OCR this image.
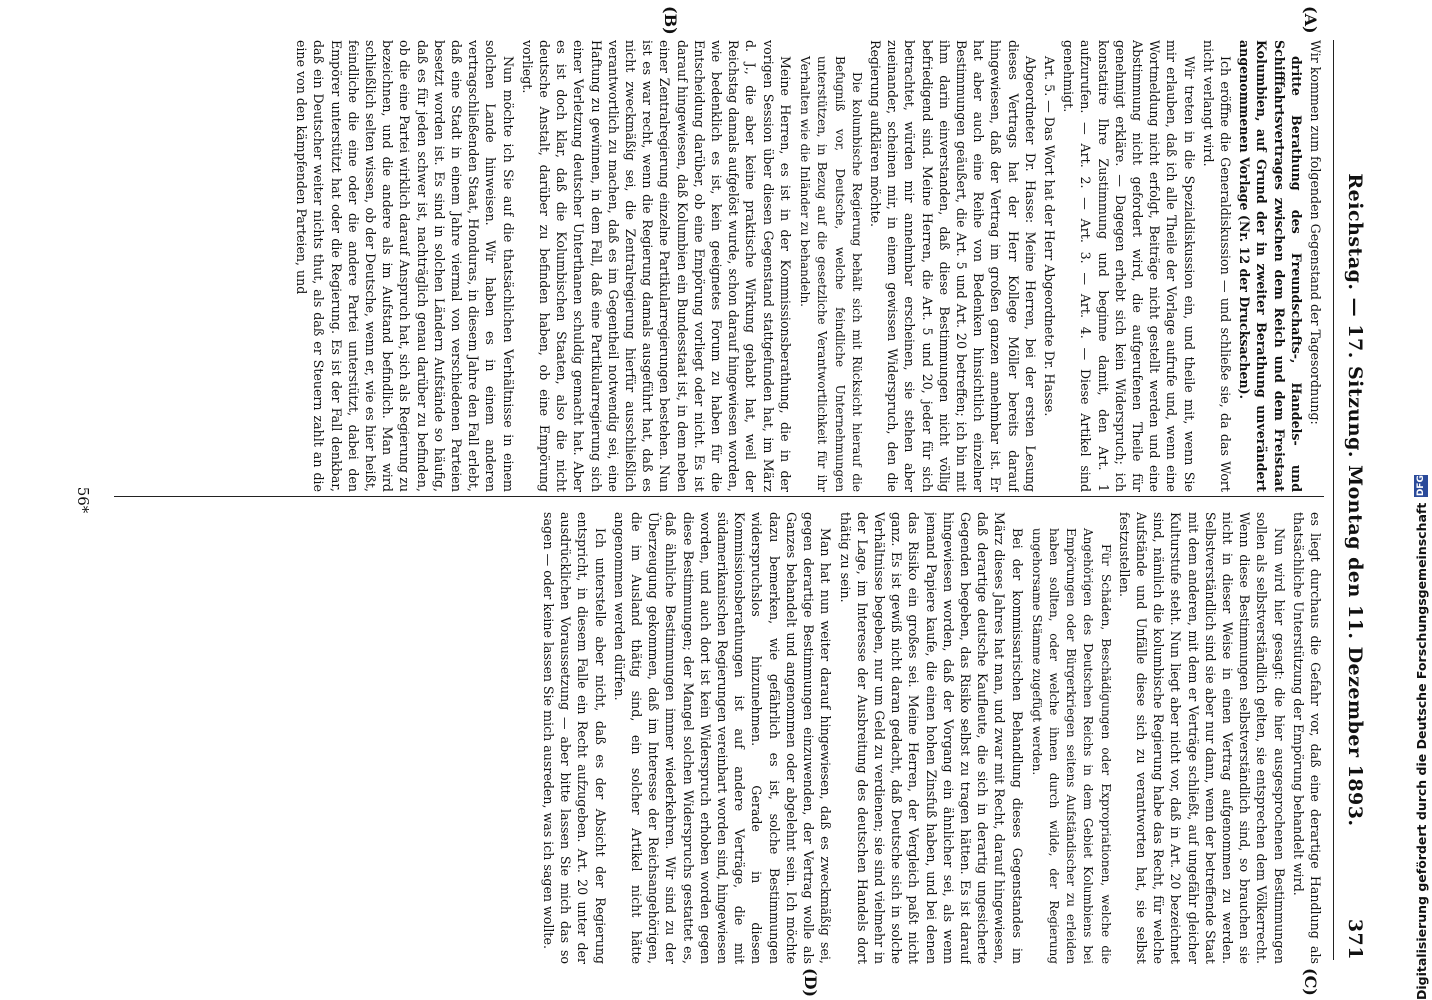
Reichstag. — 17. Sitzung. Montag den 11. Dezember 1893.
371
(A)
(B)
(C)
(D)

Wir kommen zum folgenden Gegenstand der Tagesordnung:

dritte Berathung des Freundschafts-, Handels- und Schifffahrtsvertrages zwischen dem Reich und dem Freistaat Kolumbien, auf Grund der in zweiter Berathung unverändert angenommenen Vorlage (Nr. 12 der Drucksachen).

Ich eröffne die Generaldiskussion — und schließe sie, da das Wort nicht verlangt wird.

Wir treten in die Spezialdiskussion ein, und theile mit, wenn Sie mir erlauben, daß ich alle Theile der Vorlage aufrufe und, wenn eine Wortmeldung nicht erfolgt, Beiträge nicht gestellt werden und eine Abstimmung nicht gefordert wird, die aufgerufenen Theile für genehmigt erkläre. — Dagegen erhebt sich kein Widerspruch; ich konstatire Ihre Zustimmung und beginne damit, den Art. 1 aufzurufen. — Art. 2. — Art. 3. — Art. 4. — Diese Artikel sind genehmigt.

Art. 5. — Das Wort hat der Herr Abgeordnete Dr. Hasse.

Abgeordneter Dr. Hasse: Meine Herren, bei der ersten Lesung dieses Vertrags hat der Herr Kollege Möller bereits darauf hingewiesen, daß der Vertrag im großen ganzen annehmbar ist. Er hat aber auch eine Reihe von Bedenken hinsichtlich einzelner Bestimmungen geäußert, die Art. 5 und Art. 20 betreffen; ich bin mit ihm darin einverstanden, daß diese Bestimmungen nicht völlig befriedigend sind. Meine Herren, die Art. 5 und 20, jeder für sich betrachtet, würden mir annehmbar erscheinen, sie stehen aber zueinander, scheinen mir, in einem gewissen Widerspruch, den die Regierung aufklären möchte.

Die kolumbische Regierung behält sich mit Rücksicht hierauf die Befugniß vor, Deutsche, welche feindliche Unternehmungen unterstützen, in Bezug auf die gesetzliche Verantwortlichkeit für ihr Verhalten wie die Inländer zu behandeln.

Meine Herren, es ist in der Kommissionsberathung, die in der vorigen Session über diesen Gegenstand stattgefunden hat, im März d. J., die aber keine praktische Wirkung gehabt hat, weil der Reichstag damals aufgelöst wurde, schon darauf hingewiesen worden, wie bedenklich es ist, kein geeignetes Forum zu haben für die Entscheidung darüber, ob eine Empörung vorliegt oder nicht. Es ist darauf hingewiesen, daß Kolumbien ein Bundesstaat ist, in dem neben einer Zentralregierung einzelne Partikularregierungen bestehen. Nun ist es war recht, wenn die Regierung damals ausgeführt hat, daß es nicht zweckmäßig sei, die Zentralregierung hierfür ausschließlich verantwortlich zu machen, daß es im Gegentheil notwendig sei, eine Haftung zu gewinnen, in dem Fall, daß eine Partikularregierung sich einer Verletzung deutscher Unterthanen schuldig gemacht hat. Aber es ist doch klar, daß die Kolumbischen Staaten, also die nicht deutsche Anstalt, darüber zu befinden haben, ob eine Empörung vorliegt.

Nun möchte ich Sie auf die thatsächlichen Verhältnisse in einem solchen Lande hinweisen. Wir haben es in einem anderen vertragschließenden Staat, Honduras, in diesem Jahre den Fall erlebt, daß eine Stadt in einem Jahre viermal von verschiedenen Parteien besetzt worden ist. Es sind in solchen Ländern Aufstände so häufig, daß es für jeden schwer ist, nachträglich genau darüber zu befinden, ob die eine Partei wirklich darauf Anspruch hat, sich als Regierung zu bezeichnen, und die andere als im Aufstand befindlich. Man wird schließlich selten wissen, ob der Deutsche, wenn er, wie es hier heißt, feindliche die eine oder die andere Partei unterstützt, dabei den Empörer unterstützt hat oder die Regierung. Es ist der Fall denkbar, daß ein Deutscher weiter nichts thut, als daß er Steuern zahlt an die eine von den kämpfenden Parteien, und

es liegt durchaus die Gefahr vor, daß eine derartige Handlung als thatsächliche Unterstützung der Empörung behandelt wird.

Nun wird hier gesagt: die hier ausgesprochenen Bestimmungen sollen als selbstverständlich gelten, sie entsprechen dem Völkerrecht. Wenn diese Bestimmungen selbstverständlich sind, so brauchen sie nicht in dieser Weise in einen Vertrag aufgenommen zu werden. Selbstverständlich sind sie aber nur dann, wenn der betreffende Staat mit dem anderen, mit dem er Verträge schließt, auf ungefähr gleicher Kulturstufe steht. Nun liegt aber nicht vor, daß in Art. 20 bezeichnet sind, nämlich die kolumbische Regierung habe das Recht, für welche Aufstände und Unfälle diese sich zu verantworten hat, sie selbst festzustellen.

Für Schäden, Beschädigungen oder Expropriationen, welche die Angehörigen des Deutschen Reichs in dem Gebiet Kolumbiens bei Empörungen oder Bürgerkriegen seitens Aufständischer zu erleiden haben sollten, oder welche ihnen durch wilde, der Regierung ungehorsame Stämme zugefügt werden.

Bei der kommissarischen Behandlung dieses Gegenstandes im März dieses Jahres hat man, und zwar mit Recht, darauf hingewiesen, daß derartige deutsche Kaufleute, die sich in derartig ungesicherte Gegenden begeben, das Risiko selbst zu tragen hätten. Es ist darauf hingewiesen worden, daß der Vorgang ein ähnlicher sei, als wenn jemand Papiere kaufe, die einen hohen Zinsfuß haben, und bei denen das Risiko ein großes sei. Meine Herren, der Vergleich paßt nicht ganz. Es ist gewiß nicht daran gedacht, daß Deutsche sich in solche Verhältnisse begeben, nur um Geld zu verdienen; sie sind vielmehr in der Lage, im Interesse der Ausbreitung des deutschen Handels dort thätig zu sein.

Man hat nun weiter darauf hingewiesen, daß es zweckmäßig sei, gegen derartige Bestimmungen einzuwenden, der Vertrag wolle als Ganzes behandelt und angenommen oder abgelehnt sein. Ich möchte dazu bemerken, wie gefährlich es ist, solche Bestimmungen widerspruchslos hinzunehmen. Gerade in diesen Kommissionsberathungen ist auf andere Verträge, die mit südamerikanischen Regierungen vereinbart worden sind, hingewiesen worden, und auch dort ist kein Widerspruch erhoben worden gegen diese Bestimmungen; der Mangel solchen Widerspruchs gestattet es, daß ähnliche Bestimmungen immer wiederkehren. Wir sind zu der Überzeugung gekommen, daß im Interesse der Reichsangehörigen, die im Ausland thätig sind, ein solcher Artikel nicht hätte angenommen werden dürfen.

Ich unterstelle aber nicht, daß es der Absicht der Regierung entspricht, in diesem Falle ein Recht aufzugeben. Art. 20 unter der ausdrücklichen Voraussetzung — aber bitte lassen Sie mich das so sagen — oder keine lassen Sie mich ausreden, was ich sagen wollte.

56*
Digitalisierung gefördert durch die Deutsche Forschungsgemeinschaft
DFG
